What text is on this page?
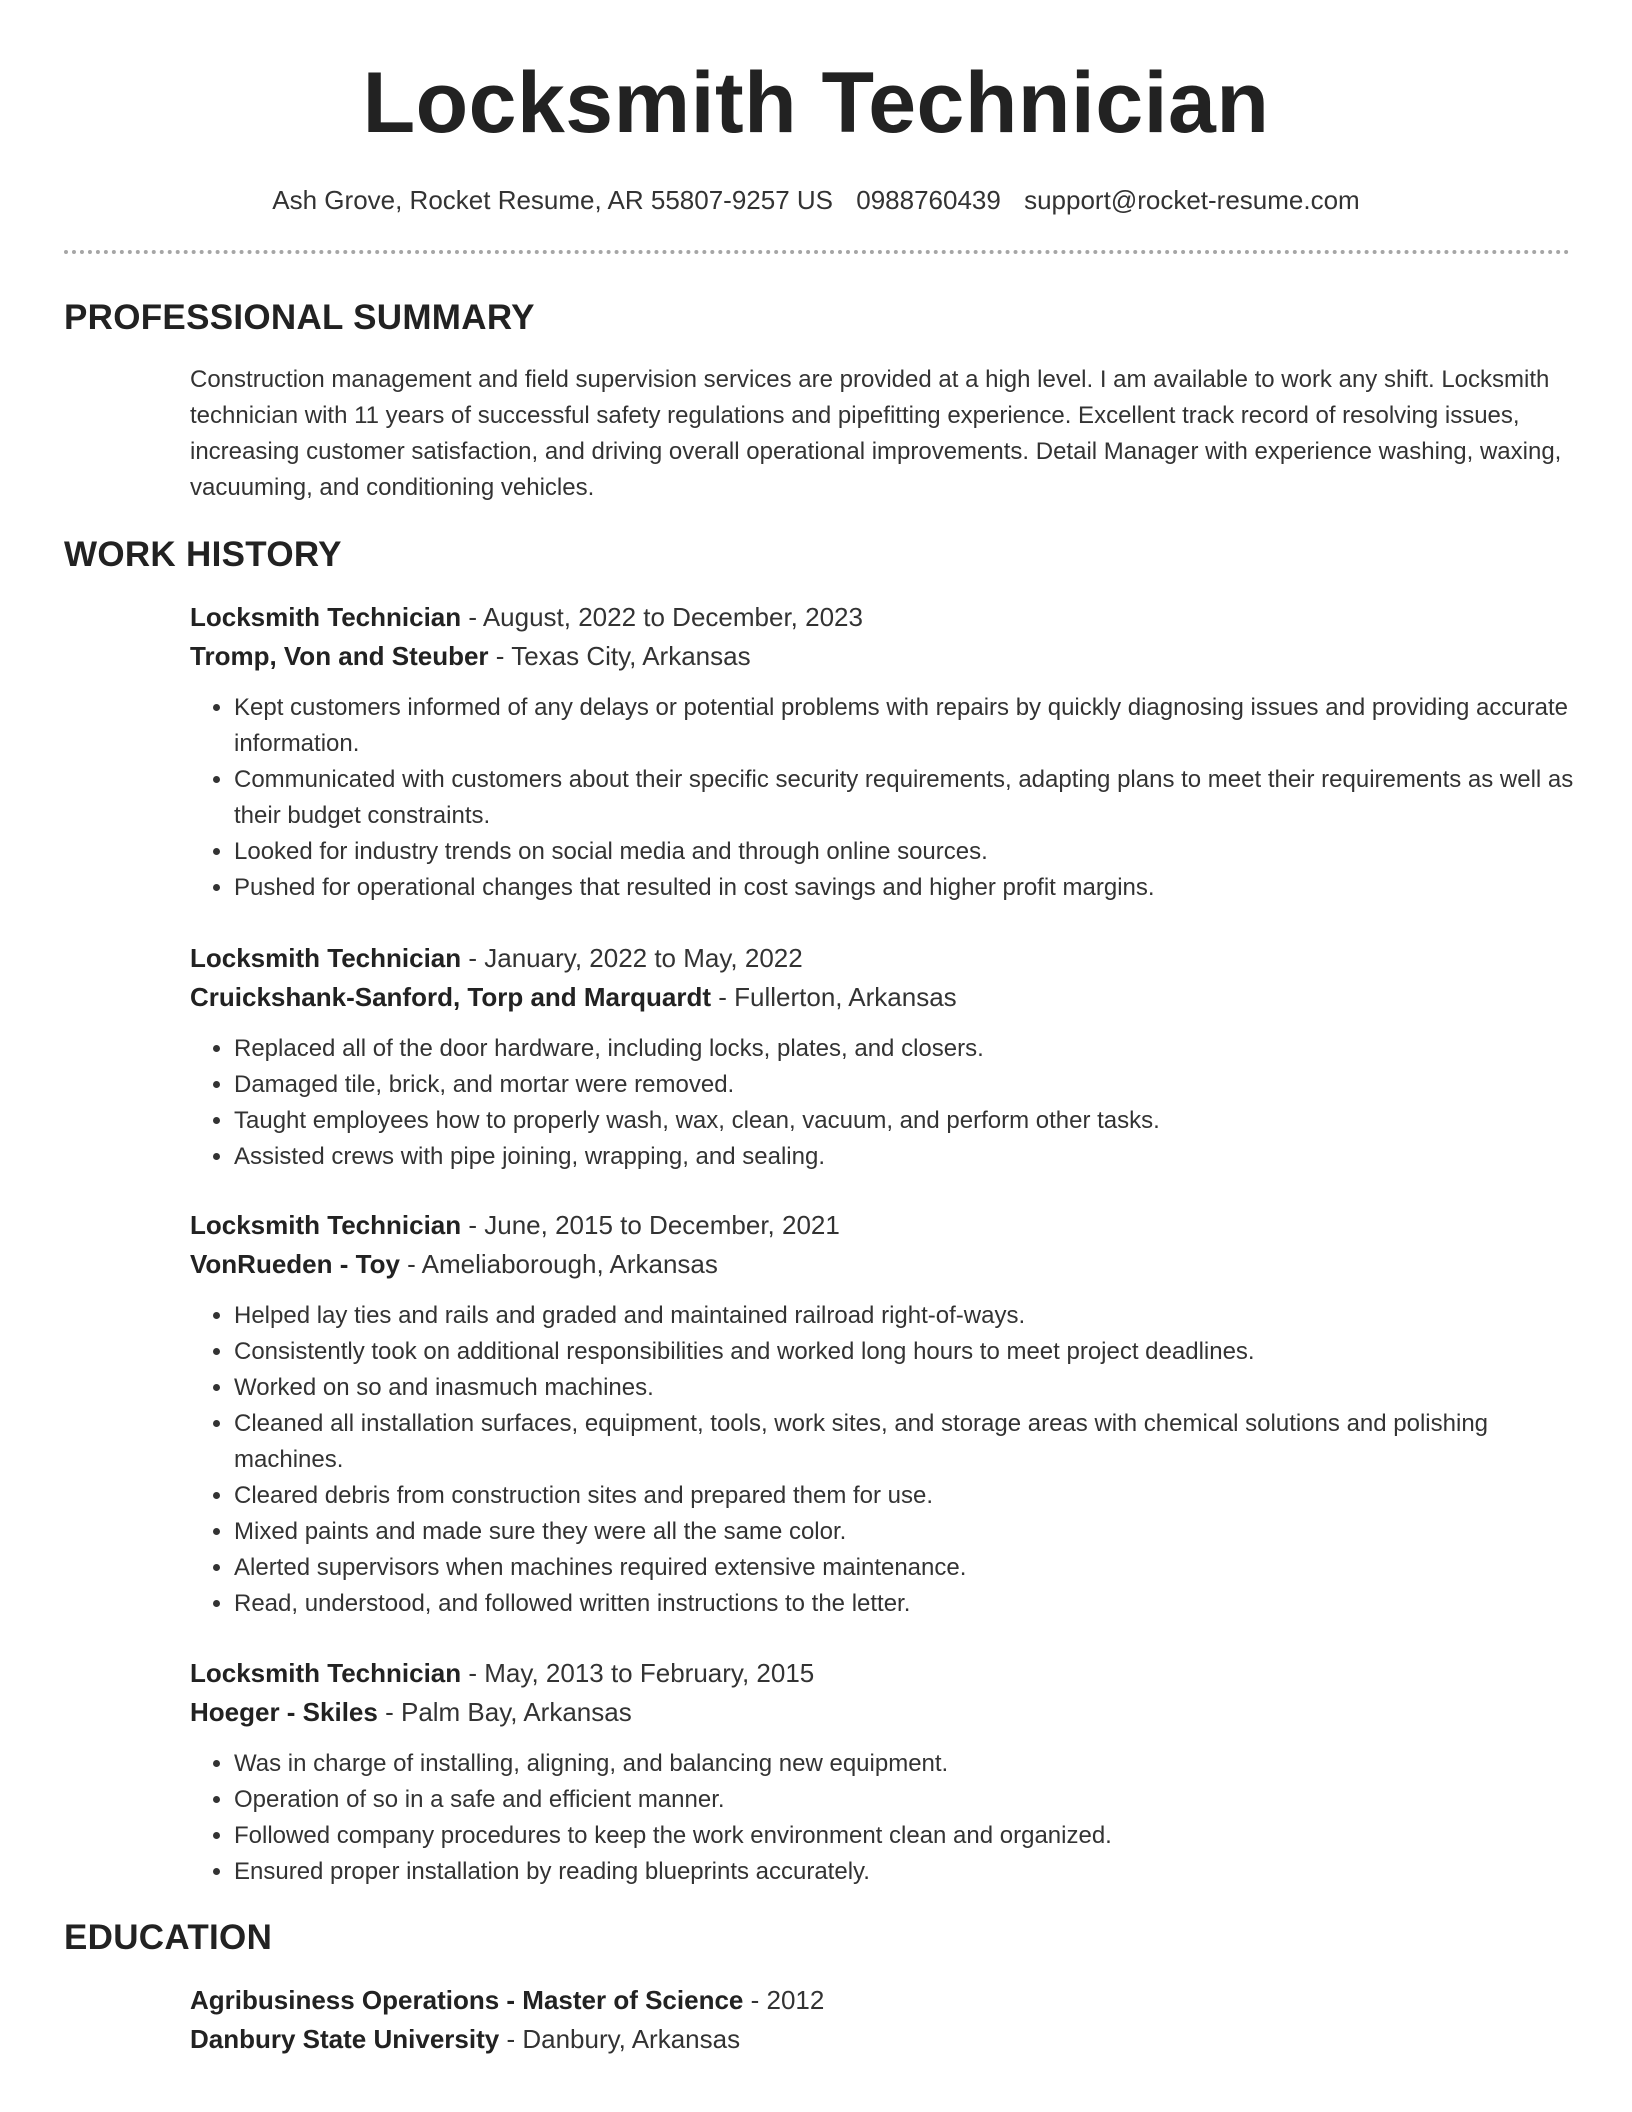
Locksmith Technician
Ash Grove, Rocket Resume, AR 55807-9257 US 0988760439 support@rocket-resume.com
PROFESSIONAL SUMMARY

Construction management and field supervision services are provided at a high level. I am available to work any shift. Locksmith technician with 11 years of successful safety regulations and pipefitting experience. Excellent track record of resolving issues, increasing customer satisfaction, and driving overall operational improvements. Detail Manager with experience washing, waxing, vacuuming, and conditioning vehicles.

WORK HISTORY
Locksmith Technician - August, 2022 to December, 2023
Tromp, Von and Steuber - Texas City, Arkansas
• Kept customers informed of any delays or potential problems with repairs by quickly diagnosing issues and providing accurate information.
• Communicated with customers about their specific security requirements, adapting plans to meet their requirements as well as their budget constraints.
• Looked for industry trends on social media and through online sources.
• Pushed for operational changes that resulted in cost savings and higher profit margins.
Locksmith Technician - January, 2022 to May, 2022
Cruickshank-Sanford, Torp and Marquardt - Fullerton, Arkansas
• Replaced all of the door hardware, including locks, plates, and closers.
• Damaged tile, brick, and mortar were removed.
• Taught employees how to properly wash, wax, clean, vacuum, and perform other tasks.
• Assisted crews with pipe joining, wrapping, and sealing.
Locksmith Technician - June, 2015 to December, 2021
VonRueden - Toy - Ameliaborough, Arkansas
• Helped lay ties and rails and graded and maintained railroad right-of-ways.
• Consistently took on additional responsibilities and worked long hours to meet project deadlines.
• Worked on so and inasmuch machines.
• Cleaned all installation surfaces, equipment, tools, work sites, and storage areas with chemical solutions and polishing machines.
• Cleared debris from construction sites and prepared them for use.
• Mixed paints and made sure they were all the same color.
• Alerted supervisors when machines required extensive maintenance.
• Read, understood, and followed written instructions to the letter.
Locksmith Technician - May, 2013 to February, 2015
Hoeger - Skiles - Palm Bay, Arkansas
• Was in charge of installing, aligning, and balancing new equipment.
• Operation of so in a safe and efficient manner.
• Followed company procedures to keep the work environment clean and organized.
• Ensured proper installation by reading blueprints accurately.
EDUCATION
Agribusiness Operations - Master of Science - 2012
Danbury State University - Danbury, Arkansas
